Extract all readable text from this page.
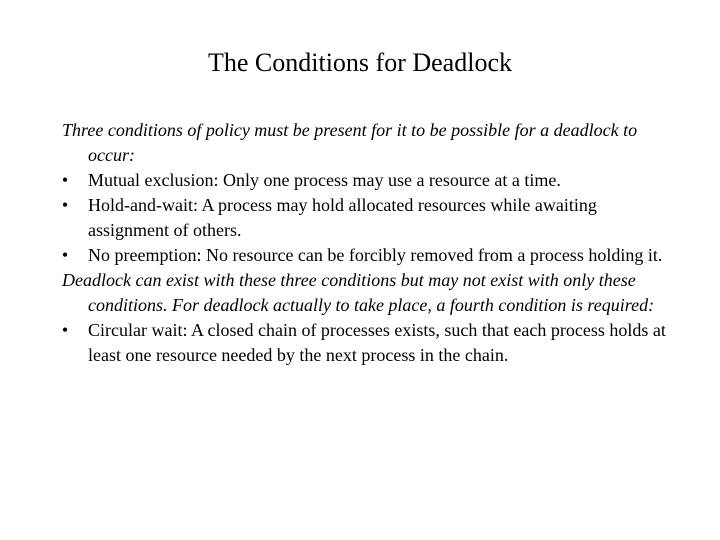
The Conditions for Deadlock

Three conditions of policy must be present for it to be possible for a deadlock to occur:

• Mutual exclusion: Only one process may use a resource at a time.
• Hold-and-wait: A process may hold allocated resources while awaiting assignment of others.
• No preemption: No resource can be forcibly removed from a process holding it.

Deadlock can exist with these three conditions but may not exist with only these conditions. For deadlock actually to take place, a fourth condition is required:

• Circular wait: A closed chain of processes exists, such that each process holds at least one resource needed by the next process in the chain.
